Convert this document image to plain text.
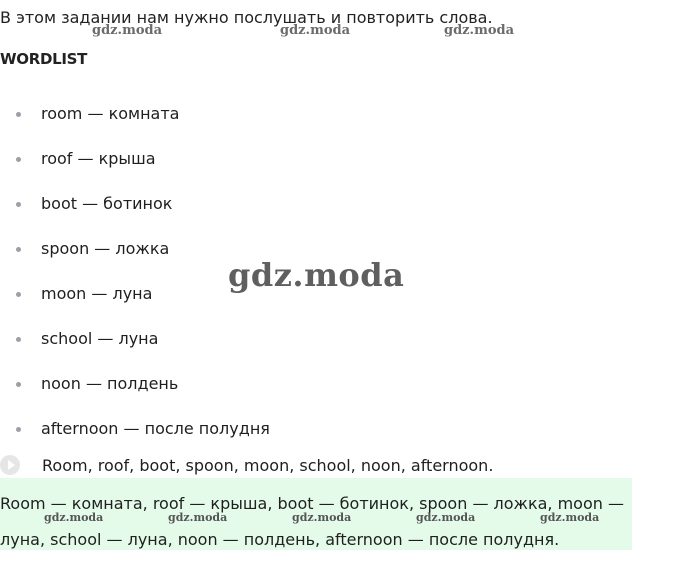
В этом задании нам нужно послушать и повторить слова.
WORDLIST
room — комната
roof — крыша
boot — ботинок
spoon — ложка
moon — луна
school — луна
noon — полдень
afternoon — после полудня
Room, roof, boot, spoon, moon, school, noon, afternoon.
Room — комната, roof — крыша, boot — ботинок, spoon — ложка, moon — луна, school — луна, noon — полдень, afternoon — после полудня.
gdz.moda	gdz.moda	gdz.moda
gdz.moda
gdz.moda	gdz.moda	gdz.moda	gdz.moda	gdz.moda
